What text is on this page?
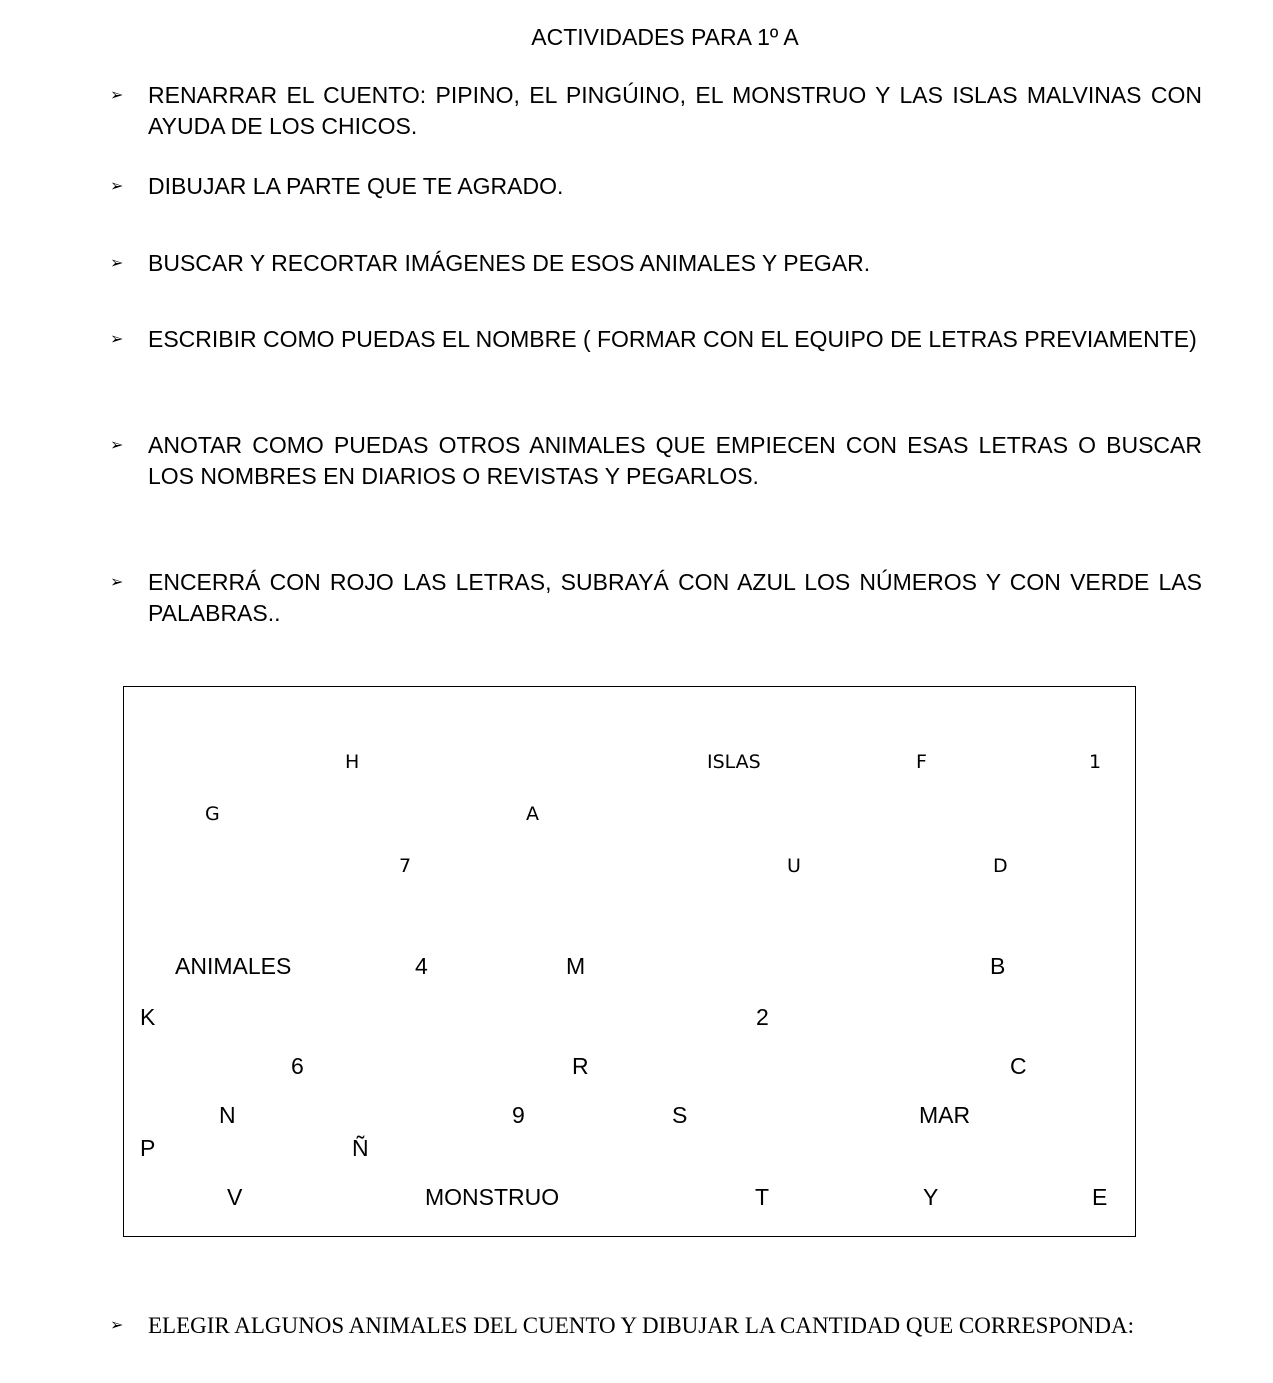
ACTIVIDADES PARA 1º A
➢	RENARRAR EL CUENTO: PIPINO, EL PINGÚINO, EL MONSTRUO Y LAS ISLAS MALVINAS CON AYUDA DE LOS CHICOS.
➢	DIBUJAR LA PARTE QUE TE AGRADO.
➢	BUSCAR Y RECORTAR IMÁGENES DE ESOS ANIMALES Y PEGAR.
➢	ESCRIBIR COMO PUEDAS EL NOMBRE ( FORMAR CON EL EQUIPO DE LETRAS PREVIAMENTE)
➢	ANOTAR COMO PUEDAS OTROS ANIMALES QUE EMPIECEN CON ESAS LETRAS O BUSCAR LOS NOMBRES EN DIARIOS O REVISTAS Y PEGARLOS.
➢	ENCERRÁ CON ROJO LAS LETRAS, SUBRAYÁ CON AZUL LOS NÚMEROS Y CON VERDE LAS PALABRAS..
H	ISLAS	F	1
G	A
7	U	D
ANIMALES	4	M	B
K	2
6	R	C
N	9	S	MAR
P	Ñ
V	MONSTRUO	T	Y	E
➢	ELEGIR ALGUNOS ANIMALES DEL CUENTO Y DIBUJAR LA CANTIDAD QUE CORRESPONDA:
